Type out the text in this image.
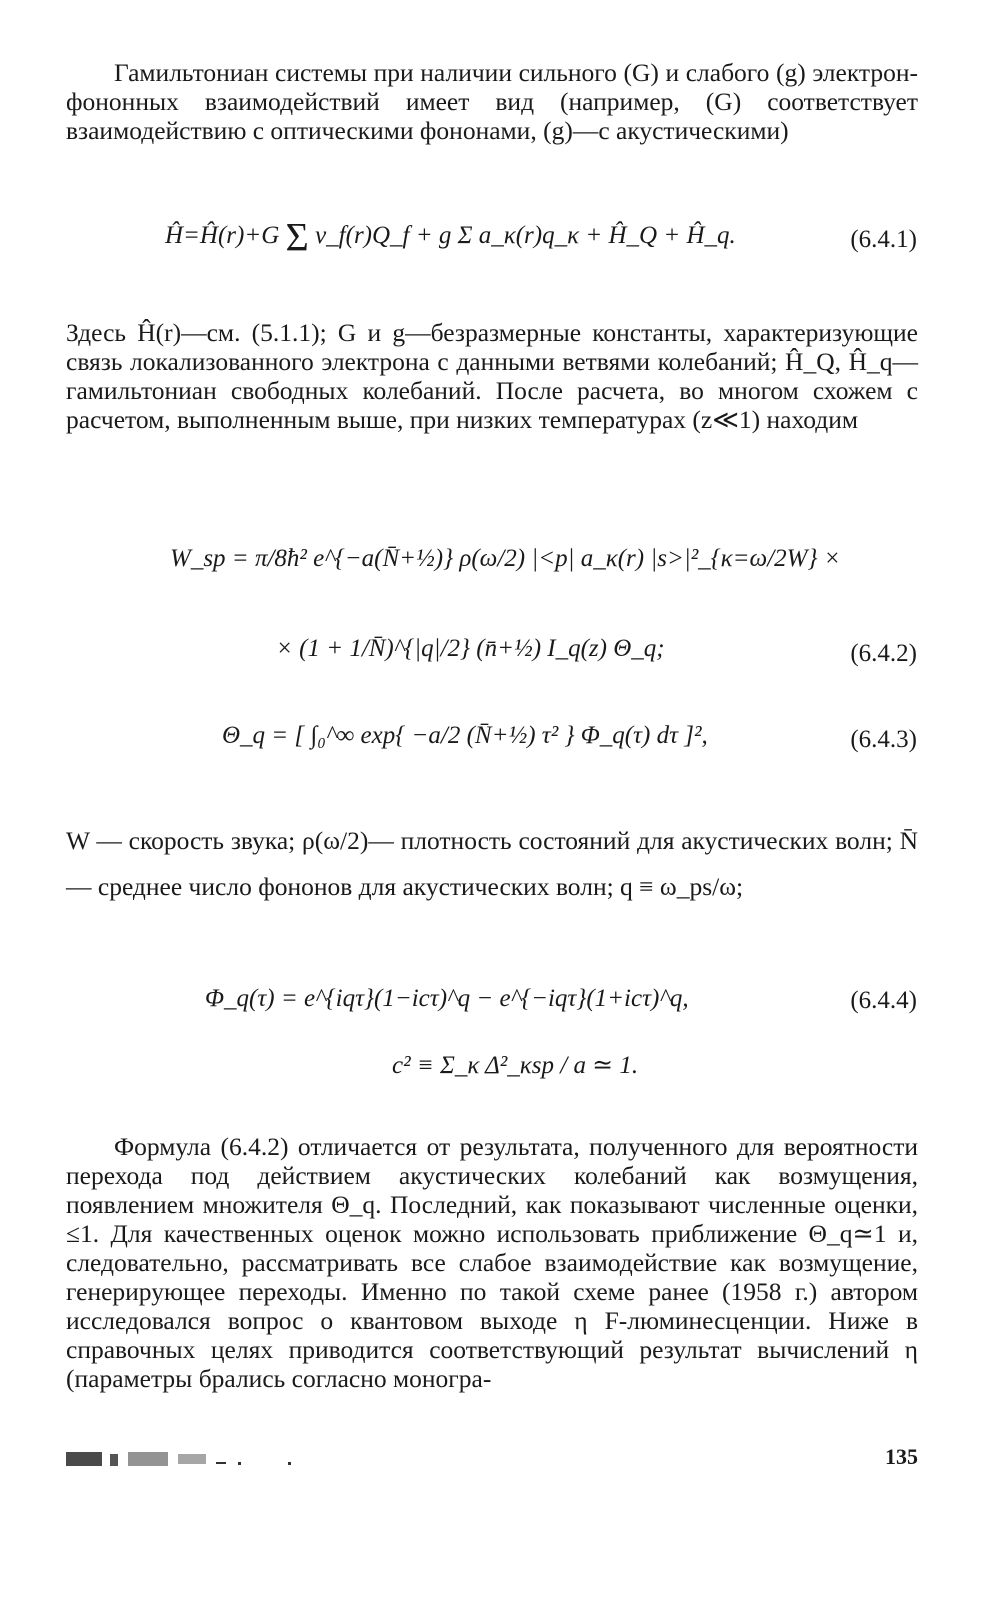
Гамильтониан системы при наличии сильного (G) и слабого (g) электрон-фононных взаимодействий имеет вид (например, (G) соответствует взаимодействию с оптическими фононами, (g)—с акустическими)
Ĥ=Ĥ(r)+G Σ v_f(r)Q_f + g Σ a_κ(r)q_κ + Ĥ_Q + Ĥ_q.	(6.4.1)
Здесь Ĥ(r)—см. (5.1.1); G и g—безразмерные константы, характеризующие связь локализованного электрона с данными ветвями колебаний; Ĥ_Q, Ĥ_q—гамильтониан свободных колебаний. После расчета, во многом схожем с расчетом, выполненным выше, при низких температурах (z≪1) находим
W_sp = π/8ħ² e^{−a(N̄+½)} ρ(ω/2) |<p| a_κ(r) |s>|²_{κ=ω/2W} ×
× (1 + 1/N̄)^{|q|/2} (n̄+½) I_q(z) Θ_q;	(6.4.2)
Θ_q = [ ∫₀^∞ exp{ −a/2 (N̄+½) τ² } Φ_q(τ) dτ ]²,	(6.4.3)
W — скорость звука; ρ(ω/2)— плотность состояний для акустических волн; N̄ — среднее число фононов для акустических волн; q ≡ ω_ps/ω;
Φ_q(τ) = e^{iqτ}(1−icτ)^q − e^{−iqτ}(1+icτ)^q,	(6.4.4)
c² ≡ Σ_κ Δ²_κsp / a ≃ 1.
Формула (6.4.2) отличается от результата, полученного для вероятности перехода под действием акустических колебаний как возмущения, появлением множителя Θ_q. Последний, как показывают численные оценки, ≤1. Для качественных оценок можно использовать приближение Θ_q≃1 и, следовательно, рассматривать все слабое взаимодействие как возмущение, генерирующее переходы. Именно по такой схеме ранее (1958 г.) автором исследовался вопрос о квантовом выходе η F-люминесценции. Ниже в справочных целях приводится соответствующий результат вычислений η (параметры брались согласно моногра-
135
